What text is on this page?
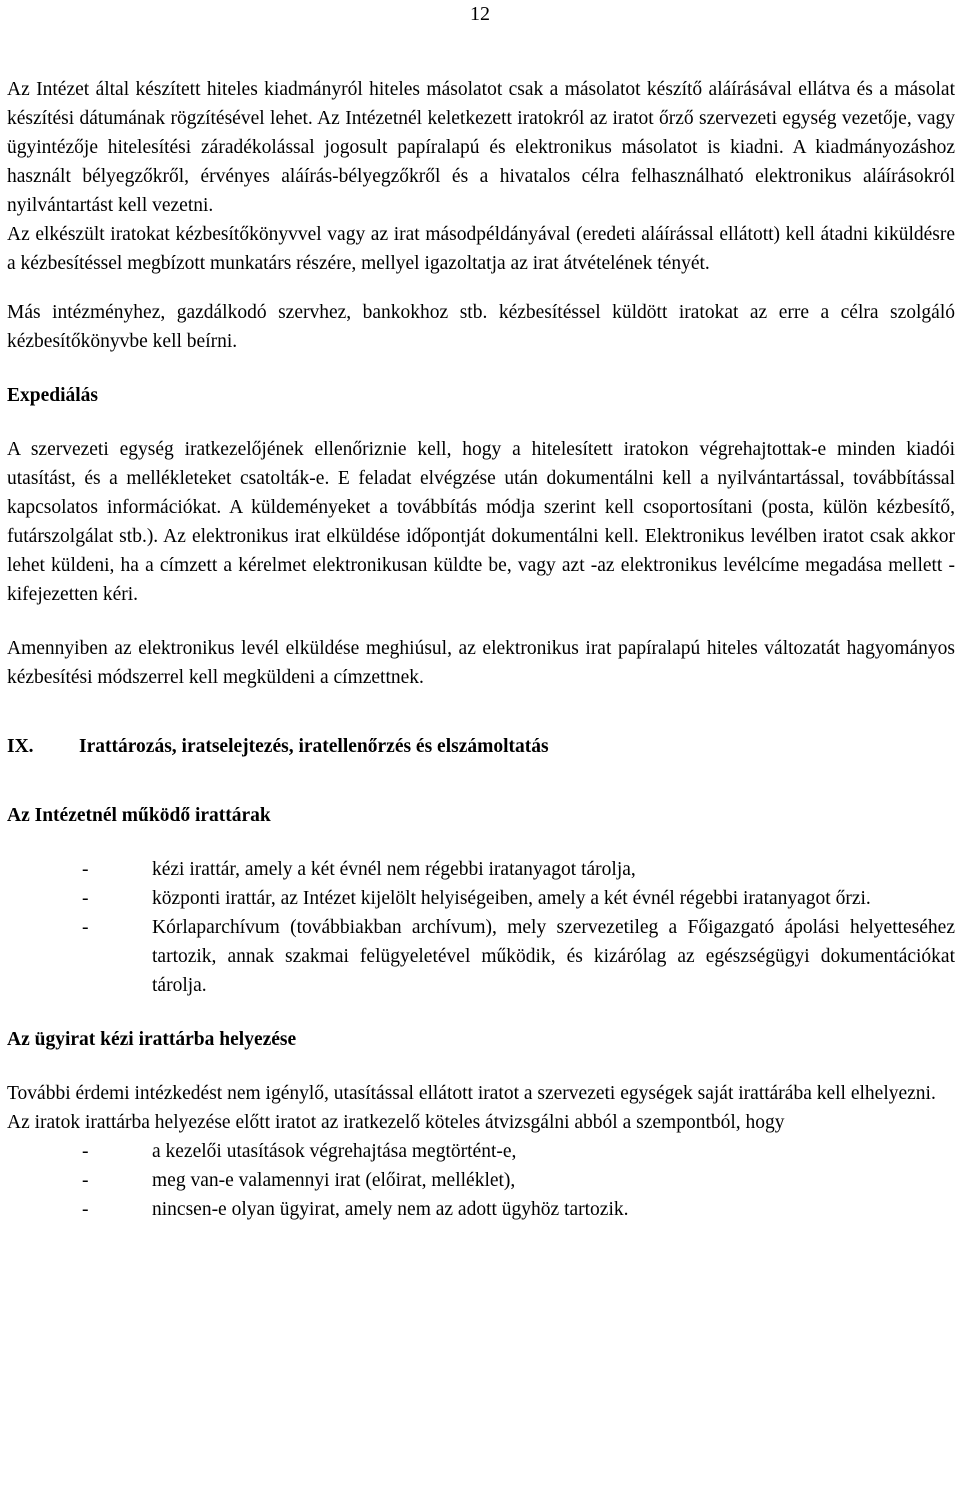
12

Az Intézet által készített hiteles kiadmányról hiteles másolatot csak a másolatot készítő aláírásával ellátva és a másolat készítési dátumának rögzítésével lehet. Az Intézetnél keletkezett iratokról az iratot őrző szervezeti egység vezetője, vagy ügyintézője hitelesítési záradékolással jogosult papíralapú és elektronikus másolatot is kiadni. A kiadmányozáshoz használt bélyegzőkről, érvényes aláírás-bélyegzőkről és a hivatalos célra felhasználható elektronikus aláírásokról nyilvántartást kell vezetni.

Az elkészült iratokat kézbesítőkönyvvel vagy az irat másodpéldányával (eredeti aláírással ellátott) kell átadni kiküldésre a kézbesítéssel megbízott munkatárs részére, mellyel igazoltatja az irat átvételének tényét.

Más intézményhez, gazdálkodó szervhez, bankokhoz stb. kézbesítéssel küldött iratokat az erre a célra szolgáló kézbesítőkönyvbe kell beírni.

Expediálás

A szervezeti egység iratkezelőjének ellenőriznie kell, hogy a hitelesített iratokon végrehajtottak-e minden kiadói utasítást, és a mellékleteket csatolták-e. E feladat elvégzése után dokumentálni kell a nyilvántartással, továbbítással kapcsolatos információkat. A küldeményeket a továbbítás módja szerint kell csoportosítani (posta, külön kézbesítő, futárszolgálat stb.). Az elektronikus irat elküldése időpontját dokumentálni kell. Elektronikus levélben iratot csak akkor lehet küldeni, ha a címzett a kérelmet elektronikusan küldte be, vagy azt -az elektronikus levélcíme megadása mellett -kifejezetten kéri.

Amennyiben az elektronikus levél elküldése meghiúsul, az elektronikus irat papíralapú hiteles változatát hagyományos kézbesítési módszerrel kell megküldeni a címzettnek.

IX.	Irattározás, iratselejtezés, iratellenőrzés és elszámoltatás

Az Intézetnél működő irattárak

-	kézi irattár, amely a két évnél nem régebbi iratanyagot tárolja,
-	központi irattár, az Intézet kijelölt helyiségeiben, amely a két évnél régebbi iratanyagot őrzi.
-	Kórlaparchívum (továbbiakban archívum), mely szervezetileg a Főigazgató ápolási helyetteséhez tartozik, annak szakmai felügyeletével működik, és kizárólag az egészségügyi dokumentációkat tárolja.

Az ügyirat kézi irattárba helyezése

További érdemi intézkedést nem igénylő, utasítással ellátott iratot a szervezeti egységek saját irattárába kell elhelyezni.

Az iratok irattárba helyezése előtt iratot az iratkezelő köteles átvizsgálni abból a szempontból, hogy

-	a kezelői utasítások végrehajtása megtörtént-e,
-	meg van-e valamennyi irat (előirat, melléklet),
-	nincsen-e olyan ügyirat, amely nem az adott ügyhöz tartozik.
